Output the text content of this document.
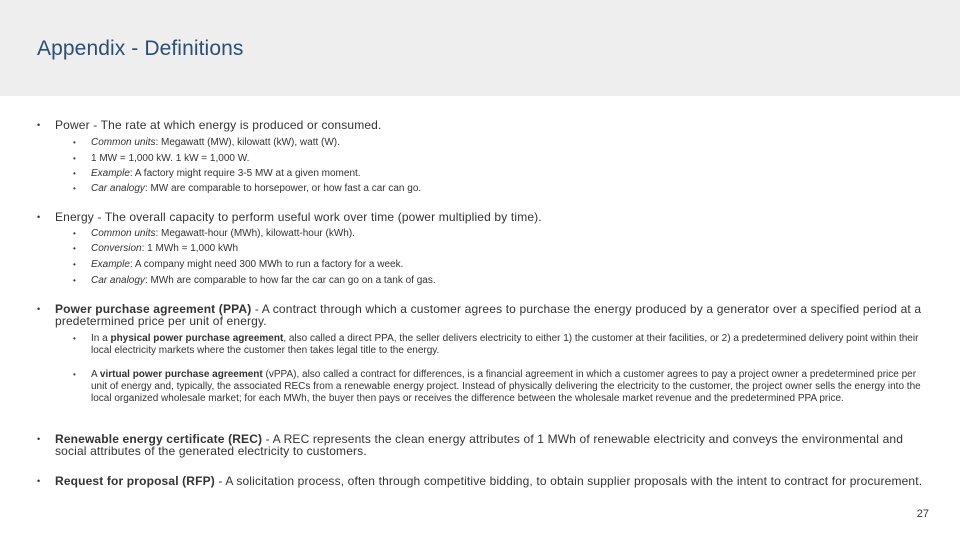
Appendix - Definitions
• Power - The rate at which energy is produced or consumed.
• Common units: Megawatt (MW), kilowatt (kW), watt (W).
• 1 MW = 1,000 kW. 1 kW = 1,000 W.
• Example: A factory might require 3-5 MW at a given moment.
• Car analogy: MW are comparable to horsepower, or how fast a car can go.
• Energy - The overall capacity to perform useful work over time (power multiplied by time).
• Common units: Megawatt-hour (MWh), kilowatt-hour (kWh).
• Conversion: 1 MWh = 1,000 kWh
• Example: A company might need 300 MWh to run a factory for a week.
• Car analogy: MWh are comparable to how far the car can go on a tank of gas.
• Power purchase agreement (PPA) - A contract through which a customer agrees to purchase the energy produced by a generator over a specified period at a predetermined price per unit of energy.
• In a physical power purchase agreement, also called a direct PPA, the seller delivers electricity to either 1) the customer at their facilities, or 2) a predetermined delivery point within their local electricity markets where the customer then takes legal title to the energy.
• A virtual power purchase agreement (vPPA), also called a contract for differences, is a financial agreement in which a customer agrees to pay a project owner a predetermined price per unit of energy and, typically, the associated RECs from a renewable energy project. Instead of physically delivering the electricity to the customer, the project owner sells the energy into the local organized wholesale market; for each MWh, the buyer then pays or receives the difference between the wholesale market revenue and the predetermined PPA price.
• Renewable energy certificate (REC) - A REC represents the clean energy attributes of 1 MWh of renewable electricity and conveys the environmental and social attributes of the generated electricity to customers.
• Request for proposal (RFP) - A solicitation process, often through competitive bidding, to obtain supplier proposals with the intent to contract for procurement.
27
